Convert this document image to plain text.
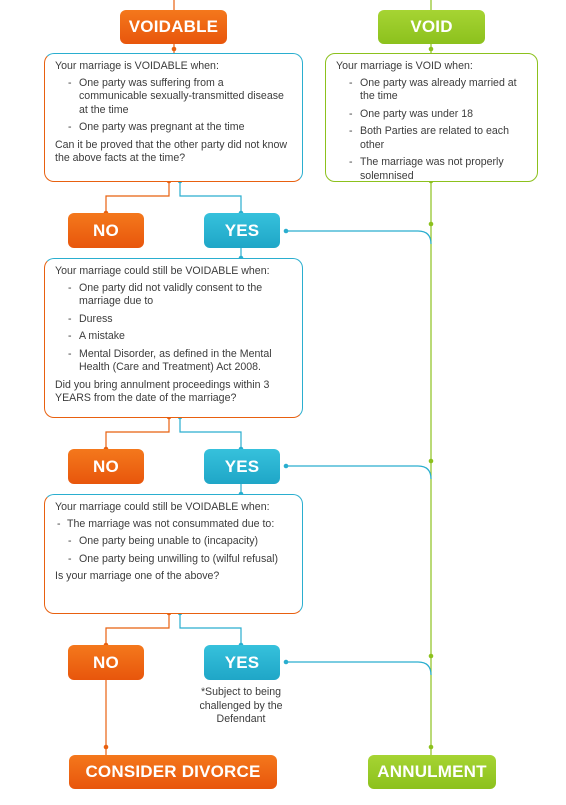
VOIDABLE	VOID

Your marriage is VOIDABLE when:

- One party was suffering from a communicable sexually-transmitted disease at the time
- One party was pregnant at the time

Can it be proved that the other party did not know the above facts at the time?

Your marriage is VOID when:

- One party was already married at the time
- One party was under 18
- Both Parties are related to each other
- The marriage was not properly solemnised
NO	YES

Your marriage could still be VOIDABLE when:

- One party did not validly consent to the marriage due to
- Duress
- A mistake
- Mental Disorder, as defined in the Mental Health (Care and Treatment) Act 2008.

Did you bring annulment proceedings within 3 YEARS from the date of the marriage?

NO	YES

Your marriage could still be VOIDABLE when:

- The marriage was not consummated due to:
- One party being unable to (incapacity)
- One party being unwilling to (wilful refusal)

Is your marriage one of the above?

NO	YES
*Subject to being challenged by the Defendant
CONSIDER DIVORCE	ANNULMENT
